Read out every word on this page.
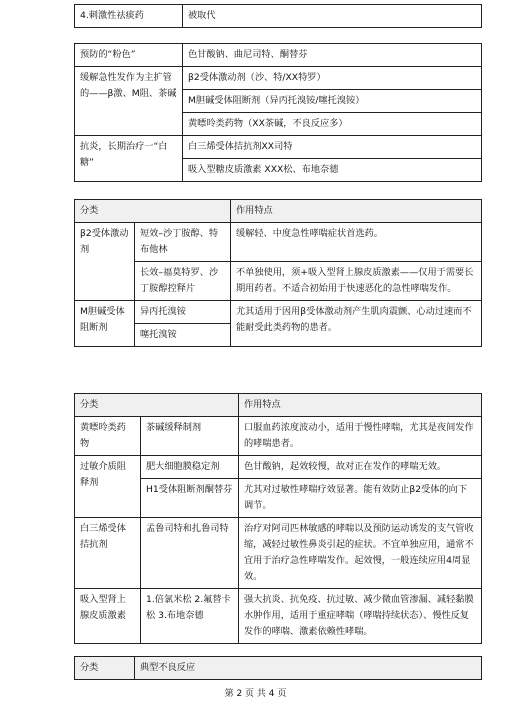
4.刺激性祛痰药	被取代
预防的“粉色”	色甘酸钠、曲尼司特、酮替芬
缓解急性发作为主扩管的——β激、M阻、茶碱	β2受体激动剂（沙、特/XX特罗）
	M胆碱受体阻断剂（异丙托溴铵/噻托溴铵）
	黄嘌呤类药物（XX茶碱，不良反应多）
抗炎，长期治疗一“白糖”	白三烯受体拮抗剂XX司特
	吸入型糖皮质激素 XXX松、布地奈德
分类		作用特点
β2受体激动剂	短效–沙丁胺醇、特布他林	缓解轻、中度急性哮喘症状首选药。
	长效–福莫特罗、沙丁胺醇控释片	不单独使用，须+吸入型肾上腺皮质激素——仅用于需要长期用药者。不适合初始用于快速恶化的急性哮喘发作。
M胆碱受体阻断剂	异丙托溴铵	尤其适用于因用β受体激动剂产生肌肉震颤、心动过速而不能耐受此类药物的患者。
	噻托溴铵	
分类		作用特点
黄嘌呤类药物	茶碱缓释制剂	口服血药浓度波动小，适用于慢性哮喘，尤其是夜间发作的哮喘患者。
过敏介质阻释剂	肥大细胞膜稳定剂	色甘酸钠，起效较慢，故对正在发作的哮喘无效。
	H1受体阻断剂酮替芬	尤其对过敏性哮喘疗效显著。能有效防止β2受体的向下调节。
白三烯受体拮抗剂	孟鲁司特和扎鲁司特	治疗对阿司匹林敏感的哮喘以及预防运动诱发的支气管收缩，减轻过敏性鼻炎引起的症状。不宜单独应用，通常不宜用于治疗急性哮喘发作。起效慢，一般连续应用4周显效。
吸入型肾上腺皮质激素	1.倍氯米松 2.氟替卡松 3.布地奈德	强大抗炎、抗免疫、抗过敏、减少微血管渗漏、减轻黏膜水肿作用，适用于重症哮喘（哮喘持续状态）、慢性反复发作的哮喘、激素依赖性哮喘。
分类	典型不良反应
第 2 页 共 4 页
